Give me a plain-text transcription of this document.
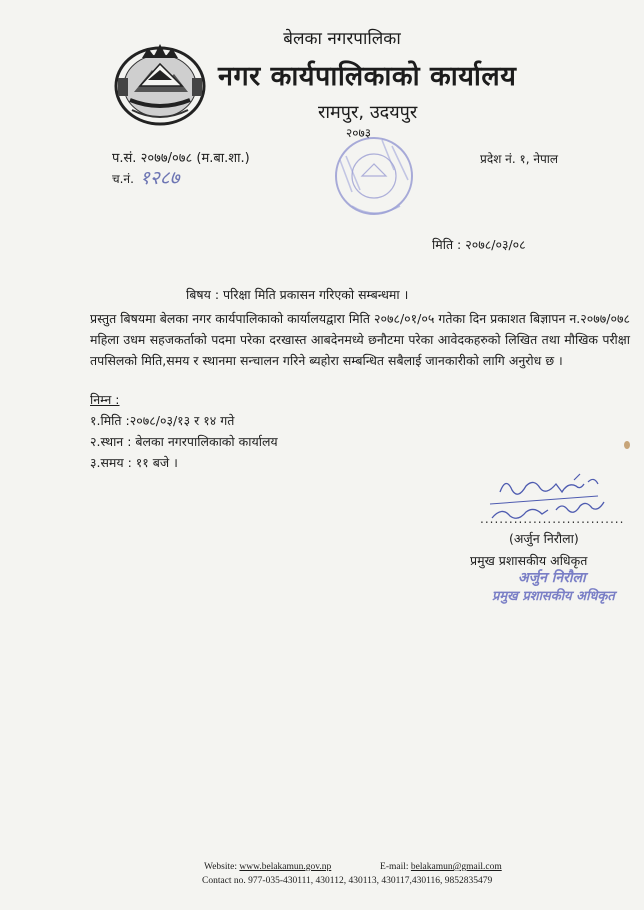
बेलका नगरपालिका
नगर कार्यपालिकाको कार्यालय
रामपुर, उदयपुर
२०७३
प.सं. २०७७/०७८ (म.बा.शा.)
च.नं. १२८७
प्रदेश नं. १, नेपाल
मिति : २०७८/०३/०८
बिषय : परिक्षा मिति प्रकासन गरिएको सम्बन्धमा ।
प्रस्तुत बिषयमा बेलका नगर कार्यपालिकाको कार्यालयद्वारा मिति २०७८/०१/०५ गतेका दिन प्रकाशत बिज्ञापन न.२०७७/०७८ महिला उधम सहजकर्ताको पदमा परेका दरखास्त आबदेनमध्ये छनौटमा परेका आवेदकहरुको लिखित तथा मौखिक परीक्षा तपसिलको मिति,समय र स्थानमा सन्चालन गरिने ब्यहोरा सम्बन्धित सबैलाई जानकारीको लागि अनुरोध छ ।
निम्न :
१.मिति :२०७८/०३/१३ र १४ गते
२.स्थान : बेलका नगरपालिकाको कार्यालय
३.समय : ११ बजे ।
..............................
(अर्जुन निरौला)
प्रमुख प्रशासकीय अधिकृत
अर्जुन निरौला
प्रमुख प्रशासकीय अधिकृत
Website: www.belakamun.gov.np	E-mail: belakamun@gmail.com
Contact no. 977-035-430111, 430112, 430113, 430117,430116, 9852835479
